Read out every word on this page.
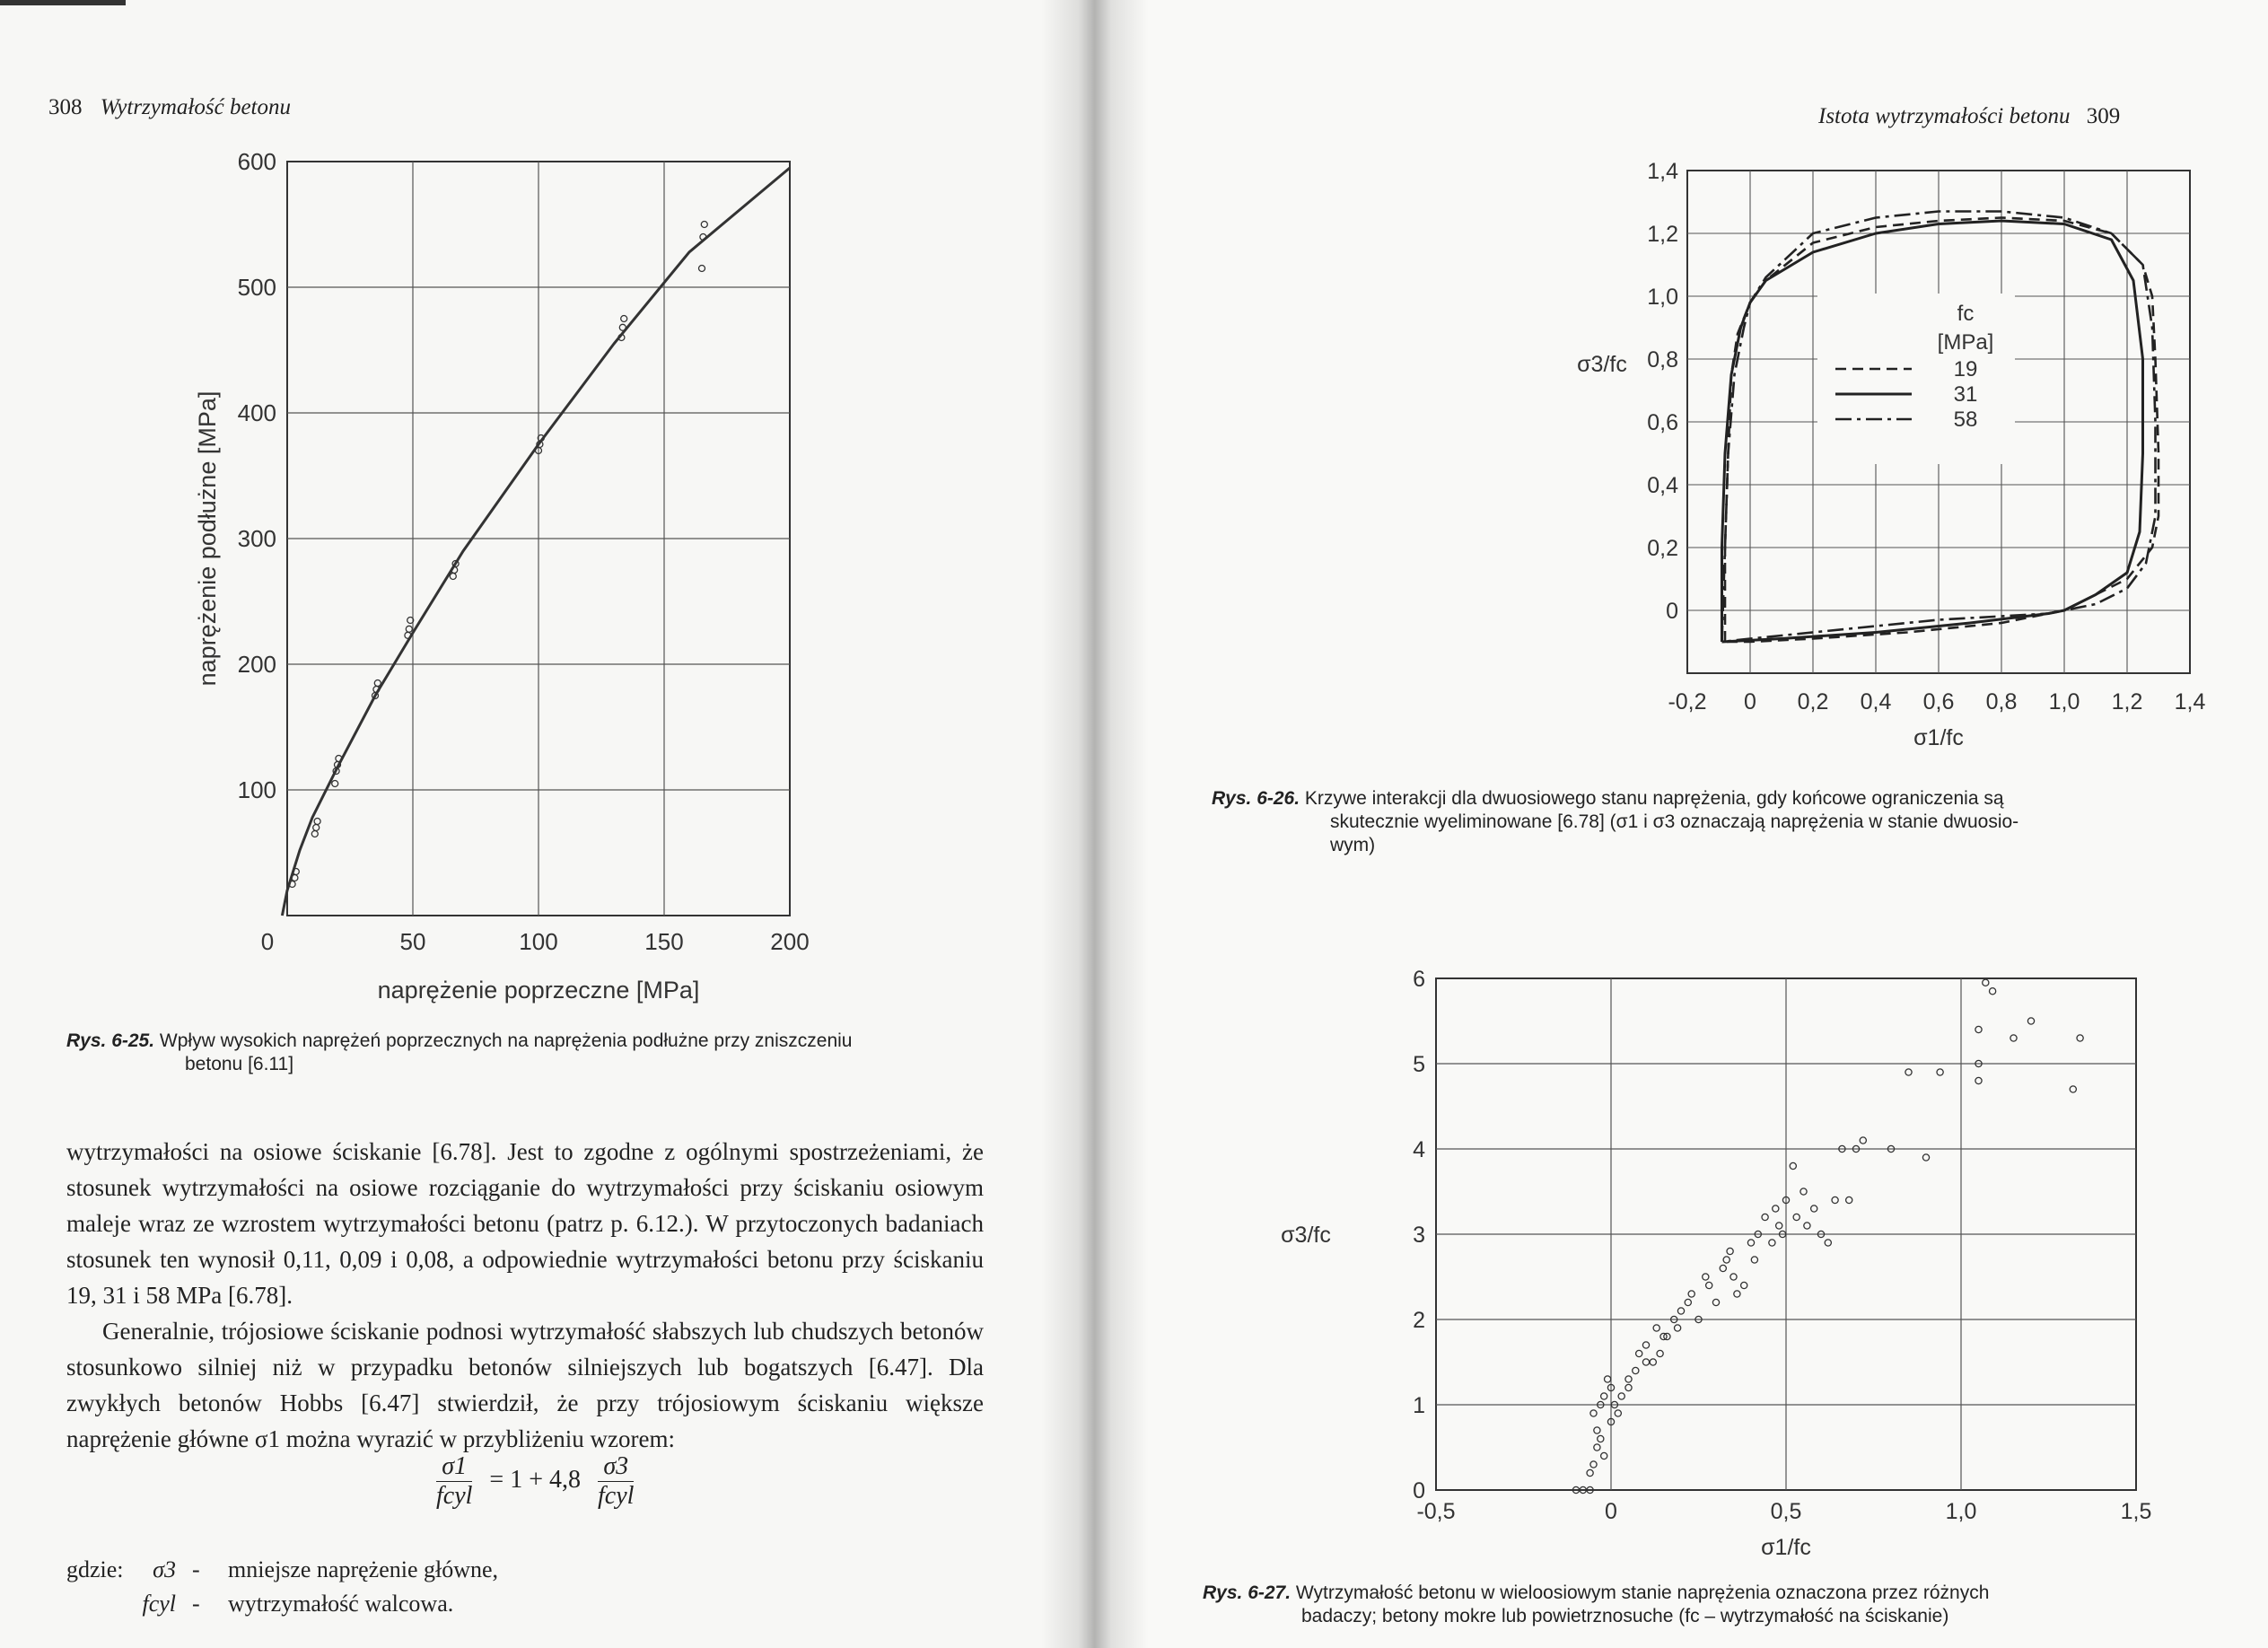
308 Wytrzymałość betonu
0	50	100	150	200
100
200
300
400
500
600
naprężenie poprzeczne [MPa]
naprężenie podłużne [MPa]
Rys. 6-25. Wpływ wysokich naprężeń poprzecznych na naprężenia podłużne przy zniszczeniu
betonu [6.11]

wytrzymałości na osiowe ściskanie [6.78]. Jest to zgodne z ogólnymi spostrzeżeniami, że stosunek wytrzymałości na osiowe rozciąganie do wytrzymałości przy ściskaniu osiowym maleje wraz ze wzrostem wytrzymałości betonu (patrz p. 6.12.). W przytoczonych badaniach stosunek ten wynosił 0,11, 0,09 i 0,08, a odpowiednie wytrzymałości betonu przy ściskaniu 19, 31 i 58 MPa [6.78].

Generalnie, trójosiowe ściskanie podnosi wytrzymałość słabszych lub chudszych betonów stosunkowo silniej niż w przypadku betonów silniejszych lub bogatszych [6.47]. Dla zwykłych betonów Hobbs [6.47] stwierdził, że przy trójosiowym ściskaniu większe naprężenie główne σ1 można wyrazić w przybliżeniu wzorem:

$\frac{\sigma 1}{\text{fcyl}} = 1 + 4,8 \frac{\sigma 3}{\text{fcyl}}$
gdzie:	σ3 -	mniejsze naprężenie główne,
fcyl -	wytrzymałość walcowa.
Istota wytrzymałości betonu 309
-0,2 0 0,2 0,4 0,6 0,8 1,0 1,2 1,4
0
0,2
0,4
0,6
0,8
1,0
1,2
1,4
σ1/fc
σ3/fc
fc
[MPa]
19
31
58
Rys. 6-26. Krzywe interakcji dla dwuosiowego stanu naprężenia, gdy końcowe ograniczenia są
skutecznie wyeliminowane [6.78] (σ1 i σ3 oznaczają naprężenia w stanie dwuosio-
wym)
-0,5	0	0,5	1,0	1,5
0
1
2
3
4
5
6
σ1/fc
σ3/fc
Rys. 6-27. Wytrzymałość betonu w wieloosiowym stanie naprężenia oznaczona przez różnych
badaczy; betony mokre lub powietrznosuche (fc – wytrzymałość na ściskanie)
